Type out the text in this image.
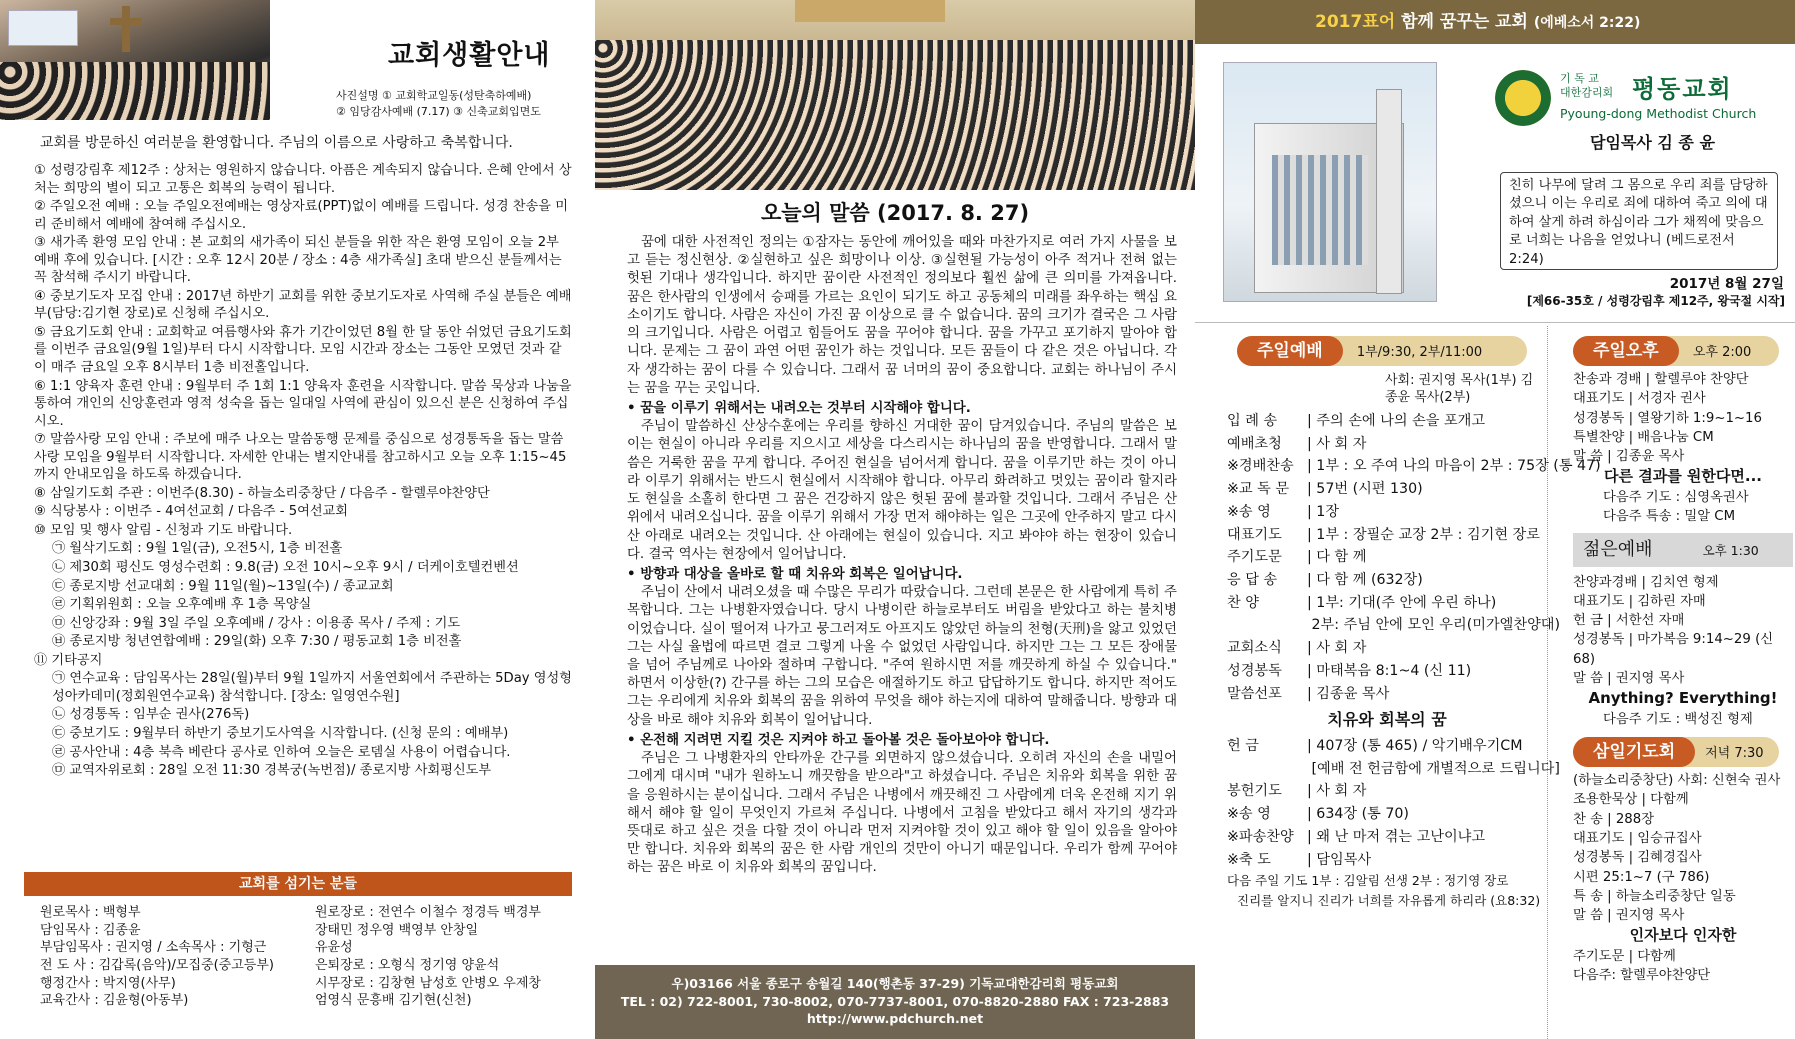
교회생활안내
사진설명 ① 교회학교일동(성탄축하예배)
② 임당감사예배 (7.17) ③ 신축교회입면도
교회를 방문하신 여러분을 환영합니다. 주님의 이름으로 사랑하고 축복합니다.
① 성령강림후 제12주 : 상처는 영원하지 않습니다. 아픔은 계속되지 않습니다. 은혜 안에서 상처는 희망의 별이 되고 고통은 회복의 능력이 됩니다.
② 주일오전 예배 : 오늘 주일오전예배는 영상자료(PPT)없이 예배를 드립니다. 성경 찬송을 미리 준비해서 예배에 참여해 주십시오.
③ 새가족 환영 모임 안내 : 본 교회의 새가족이 되신 분들을 위한 작은 환영 모임이 오늘 2부 예배 후에 있습니다. [시간 : 오후 12시 20분 / 장소 : 4층 새가족실] 초대 받으신 분들께서는 꼭 참석해 주시기 바랍니다.
④ 중보기도자 모집 안내 : 2017년 하반기 교회를 위한 중보기도자로 사역해 주실 분들은 예배부(담당:김기현 장로)로 신청해 주십시오.
⑤ 금요기도회 안내 : 교회학교 여름행사와 휴가 기간이었던 8월 한 달 동안 쉬었던 금요기도회를 이번주 금요일(9월 1일)부터 다시 시작합니다. 모임 시간과 장소는 그동안 모였던 것과 같이 매주 금요일 오후 8시부터 1층 비전홀입니다.
⑥ 1:1 양육자 훈련 안내 : 9월부터 주 1회 1:1 양육자 훈련을 시작합니다. 말씀 묵상과 나눔을 통하여 개인의 신앙훈련과 영적 성숙을 돕는 일대일 사역에 관심이 있으신 분은 신청하여 주십시오.
⑦ 말씀사랑 모임 안내 : 주보에 매주 나오는 말씀동행 문제를 중심으로 성경통독을 돕는 말씀사랑 모임을 9월부터 시작합니다. 자세한 안내는 별지안내를 참고하시고 오늘 오후 1:15~45까지 안내모임을 하도록 하겠습니다.
⑧ 삼일기도회 주관 : 이번주(8.30) - 하늘소리중창단 / 다음주 - 할렐루야찬양단
⑨ 식당봉사 : 이번주 - 4여선교회 / 다음주 - 5여선교회
⑩ 모임 및 행사 알림 - 신청과 기도 바랍니다.
㉠ 월삭기도회 : 9월 1일(금), 오전5시, 1층 비전홀
㉡ 제30회 평신도 영성수련회 : 9.8(금) 오전 10시~오후 9시 / 더케이호텔컨벤션
㉢ 종로지방 선교대회 : 9월 11일(월)~13일(수) / 종교교회
㉣ 기획위원회 : 오늘 오후예배 후 1층 목양실
㉤ 신앙강좌 : 9월 3일 주일 오후예배 / 강사 : 이용종 목사 / 주제 : 기도
㉥ 종로지방 청년연합예배 : 29일(화) 오후 7:30 / 평동교회 1층 비전홀
⑪ 기타공지
㉠ 연수교육 : 담임목사는 28일(월)부터 9월 1일까지 서울연회에서 주관하는 5Day 영성형성아카데미(정회원연수교육) 참석합니다. [장소: 일영연수원]
㉡ 성경통독 : 임부순 권사(276독)
㉢ 중보기도 : 9월부터 하반기 중보기도사역을 시작합니다. (신청 문의 : 예배부)
㉣ 공사안내 : 4층 북측 베란다 공사로 인하여 오늘은 로뎀실 사용이 어렵습니다.
㉤ 교역자위로회 : 28일 오전 11:30 경복궁(녹번점)/ 종로지방 사회평신도부
교회를 섬기는 분들
원로목사 : 백형부
담임목사 : 김종윤
부담임목사 : 권지영 / 소속목사 : 기형근
전 도 사 : 김갑록(음악)/모집중(중고등부)
행정간사 : 박지영(사무)
교육간사 : 김윤형(아동부)
원로장로 : 전연수 이철수 정경득 백경부
장태민 정우영 백영부 안창일
유윤성
은퇴장로 : 오형식 정기영 양윤석
시무장로 : 김창현 남성호 안병오 우제창
엄영식 문흥배 김기현(신천)
오늘의 말씀 (2017. 8. 27)

꿈에 대한 사전적인 정의는 ①잠자는 동안에 깨어있을 때와 마찬가지로 여러 가지 사물을 보고 듣는 정신현상. ②실현하고 싶은 희망이나 이상. ③실현될 가능성이 아주 적거나 전혀 없는 헛된 기대나 생각입니다. 하지만 꿈이란 사전적인 정의보다 훨씬 삶에 큰 의미를 가져옵니다. 꿈은 한사람의 인생에서 승패를 가르는 요인이 되기도 하고 공동체의 미래를 좌우하는 핵심 요소이기도 합니다. 사람은 자신이 가진 꿈 이상으로 클 수 없습니다. 꿈의 크기가 결국은 그 사람의 크기입니다. 사람은 어렵고 힘들어도 꿈을 꾸어야 합니다. 꿈을 가꾸고 포기하지 말아야 합니다. 문제는 그 꿈이 과연 어떤 꿈인가 하는 것입니다. 모든 꿈들이 다 같은 것은 아닙니다. 각자 생각하는 꿈이 다를 수 있습니다. 그래서 꿈 너머의 꿈이 중요합니다. 교회는 하나님이 주시는 꿈을 꾸는 곳입니다.

• 꿈을 이루기 위해서는 내려오는 것부터 시작해야 합니다.

주님이 말씀하신 산상수훈에는 우리를 향하신 거대한 꿈이 담겨있습니다. 주님의 말씀은 보이는 현실이 아니라 우리를 지으시고 세상을 다스리시는 하나님의 꿈을 반영합니다. 그래서 말씀은 거룩한 꿈을 꾸게 합니다. 주어진 현실을 넘어서게 합니다. 꿈을 이루기만 하는 것이 아니라 이루기 위해서는 반드시 현실에서 시작해야 합니다. 아무리 화려하고 멋있는 꿈이라 할지라도 현실을 소홀히 한다면 그 꿈은 건강하지 않은 헛된 꿈에 불과할 것입니다. 그래서 주님은 산 위에서 내려오십니다. 꿈을 이루기 위해서 가장 먼저 해야하는 일은 그곳에 안주하지 말고 다시 산 아래로 내려오는 것입니다. 산 아래에는 현실이 있습니다. 지고 봐야야 하는 현장이 있습니다. 결국 역사는 현장에서 일어납니다.

• 방향과 대상을 올바로 할 때 치유와 회복은 일어납니다.

주님이 산에서 내려오셨을 때 수많은 무리가 따랐습니다. 그런데 본문은 한 사람에게 특히 주목합니다. 그는 나병환자였습니다. 당시 나병이란 하늘로부터도 버림을 받았다고 하는 불치병이었습니다. 실이 떨어져 나가고 뭉그러져도 아프지도 않았던 하늘의 천형(天刑)을 앓고 있었던 그는 사실 율법에 따르면 결코 그렇게 나올 수 없었던 사람입니다. 하지만 그는 그 모든 장애물을 넘어 주님께로 나아와 절하며 구합니다. "주여 원하시면 저를 깨끗하게 하실 수 있습니다." 하면서 이상한(?) 간구를 하는 그의 모습은 애절하기도 하고 답답하기도 합니다. 하지만 적어도 그는 우리에게 치유와 회복의 꿈을 위하여 무엇을 해야 하는지에 대하여 말해줍니다. 방향과 대상을 바로 해야 치유와 회복이 일어납니다.

• 온전해 지려면 지킬 것은 지켜야 하고 돌아볼 것은 돌아보아야 합니다.

주님은 그 나병환자의 안타까운 간구를 외면하지 않으셨습니다. 오히려 자신의 손을 내밀어 그에게 대시며 "내가 원하노니 깨끗함을 받으라"고 하셨습니다. 주님은 치유와 회복을 위한 꿈을 응원하시는 분이십니다. 그래서 주님은 나병에서 깨끗해진 그 사람에게 더욱 온전해 지기 위해서 해야 할 일이 무엇인지 가르쳐 주십니다. 나병에서 고침을 받았다고 해서 자기의 생각과 뜻대로 하고 싶은 것을 다할 것이 아니라 먼저 지켜야할 것이 있고 해야 할 일이 있음을 알아야만 합니다. 치유와 회복의 꿈은 한 사람 개인의 것만이 아니기 때문입니다. 우리가 함께 꾸어야 하는 꿈은 바로 이 치유와 회복의 꿈입니다.

우)03166 서울 종로구 송월길 140(행촌동 37-29) 기독교대한감리회 평동교회
TEL : 02) 722-8001, 730-8002, 070-7737-8001, 070-8820-2880 FAX : 723-2883
http://www.pdchurch.net
2017표어 함께 꿈꾸는 교회 (에베소서 2:22)
기 독 교
대한감리회 평동교회
Pyoung-dong Methodist Church
담임목사 김 종 윤
친히 나무에 달려 그 몸으로 우리 죄를 담당하셨으니 이는 우리로 죄에 대하여 죽고 의에 대하여 살게 하려 하심이라 그가 채찍에 맞음으로 너희는 나음을 얻었나니 (베드로전서 2:24)
2017년 8월 27일
[제66-35호 / 성령강림후 제12주, 왕국절 시작]
주일예배	1부/9:30, 2부/11:00
사회: 권지영 목사(1부) 김종윤 목사(2부)
입 례 송 | 주의 손에 나의 손을 포개고
예배초청 | 사 회 자
※경배찬송 | 1부 : 오 주여 나의 마음이 2부 : 75장 (통 47)
※교 독 문 | 57번 (시편 130)
※송 영	| 1장
대표기도 | 1부 : 장필순 교장 2부 : 김기현 장로
주기도문 | 다 함 께
응 답 송 | 다 함 께 (632장)
찬 양	| 1부: 기대(주 안에 우린 하나)
2부: 주님 안에 모인 우리(미가엘찬양대)
교회소식 | 사 회 자
성경봉독 | 마태복음 8:1~4 (신 11)
말씀선포 | 김종윤 목사
치유와 회복의 꿈
헌 금	| 407장 (통 465) / 악기배우기CM
[예배 전 헌금함에 개별적으로 드립니다]
봉헌기도 | 사 회 자
※송 영	| 634장 (통 70)
※파송찬양 | 왜 난 마저 겪는 고난이냐고
※축 도	| 담임목사
다음 주일 기도 1부 : 김알림 선생 2부 : 정기영 장로
진리를 알지니 진리가 너희를 자유롭게 하리라 (요8:32)
주일오후	오후 2:00
찬송과 경배 | 할렐루야 찬양단
대표기도 | 서경자 권사
성경봉독 | 열왕기하 1:9~1~16
특별찬양 | 배음나눔 CM
말 씀 | 김종윤 목사
다른 결과를 원한다면...
다음주 기도 : 심영옥권사
다음주 특송 : 밀알 CM
젊은예배	오후 1:30
찬양과경배 | 김치연 형제
대표기도 | 김하린 자매
헌 금 | 서한선 자매
성경봉독 | 마가복음 9:14~29 (신68)
말 씀 | 권지영 목사
Anything? Everything!
다음주 기도 : 백성진 형제
삼일기도회 저녁 7:30
(하늘소리중창단) 사회: 신현숙 권사
조용한묵상 | 다함께
찬 송 | 288장
대표기도 | 임승규집사
성경봉독 | 김혜경집사
시편 25:1~7 (구 786)
특 송 | 하늘소리중창단 일동
말 씀 | 권지영 목사
인자보다 인자한
주기도문 | 다함께
다음주: 할렐루야찬양단
